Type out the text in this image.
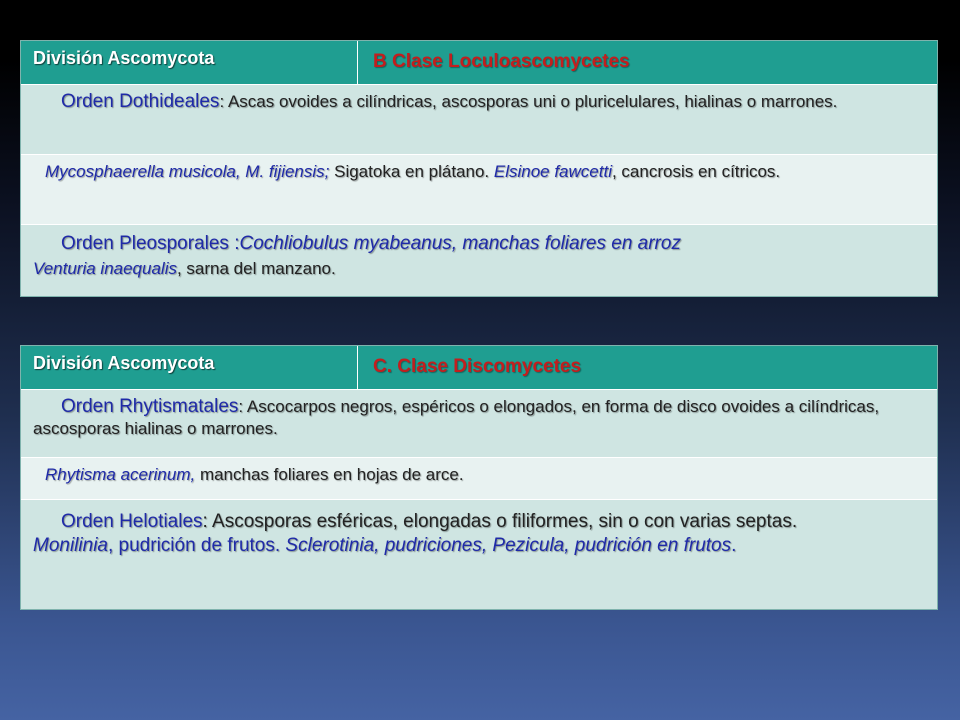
División Ascomycota	B Clase Loculoascomycetes
Orden Dothideales: Ascas ovoides a cilíndricas, ascosporas uni o pluricelulares, hialinas o marrones.
Mycosphaerella musicola, M. fijiensis; Sigatoka en plátano. Elsinoe fawcetti, cancrosis en cítricos.
Orden Pleosporales :Cochliobulus myabeanus, manchas foliares en arroz
Venturia inaequalis, sarna del manzano.
División Ascomycota	C. Clase Discomycetes
Orden Rhytismatales: Ascocarpos negros, espéricos o elongados, en forma de disco ovoides a cilíndricas, ascosporas hialinas o marrones.
Rhytisma acerinum, manchas foliares en hojas de arce.
Orden Helotiales: Ascosporas esféricas, elongadas o filiformes, sin o con varias septas.
Monilinia, pudrición de frutos. Sclerotinia, pudriciones, Pezicula, pudrición en frutos.
